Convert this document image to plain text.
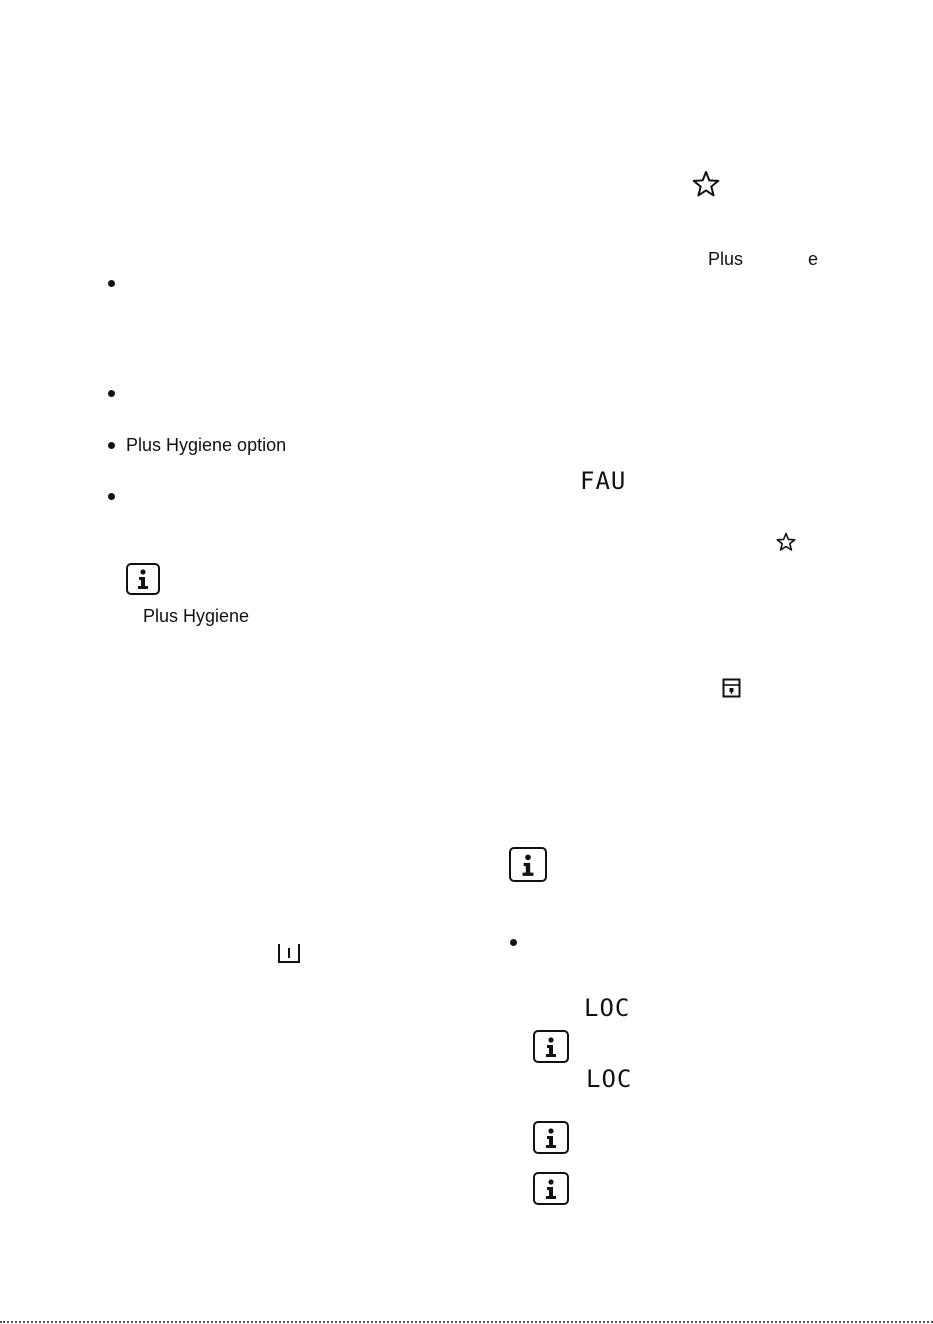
Plus	e
Plus Hygiene option
FAU
Plus Hygiene
LOC
LOC
